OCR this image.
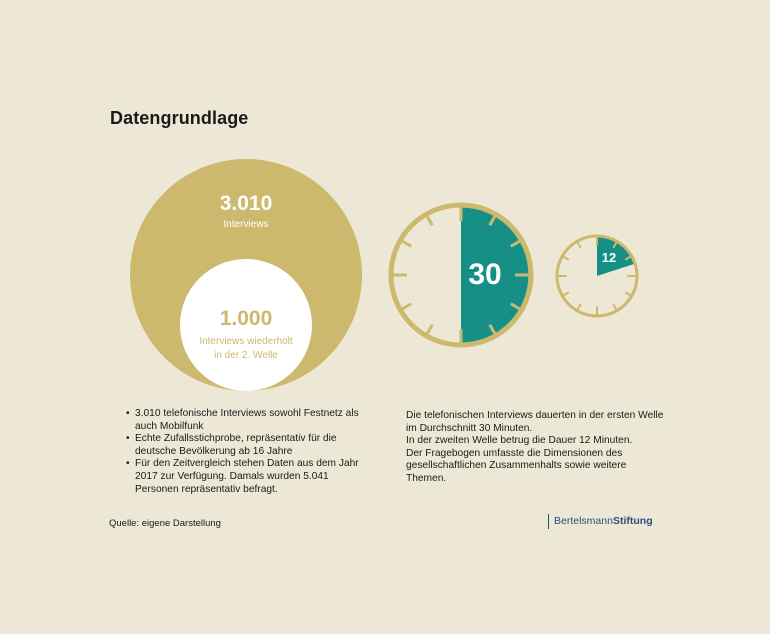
Datengrundlage
3.010
Interviews
1.000
Interviews wiederholt
in der 2. Welle
30
12
• 3.010 telefonische Interviews sowohl Festnetz als auch Mobilfunk
• Echte Zufallsstichprobe, repräsentativ für die deutsche Bevölkerung ab 16 Jahre
• Für den Zeitvergleich stehen Daten aus dem Jahr 2017 zur Verfügung. Damals wurden 5.041 Personen repräsentativ befragt.

Die telefonischen Interviews dauerten in der ersten Welle im Durchschnitt 30 Minuten.

In der zweiten Welle betrug die Dauer 12 Minuten.

Der Fragebogen umfasste die Dimensionen des gesellschaftlichen Zusammenhalts sowie weitere Themen.

Quelle: eigene Darstellung	BertelsmannStiftung
